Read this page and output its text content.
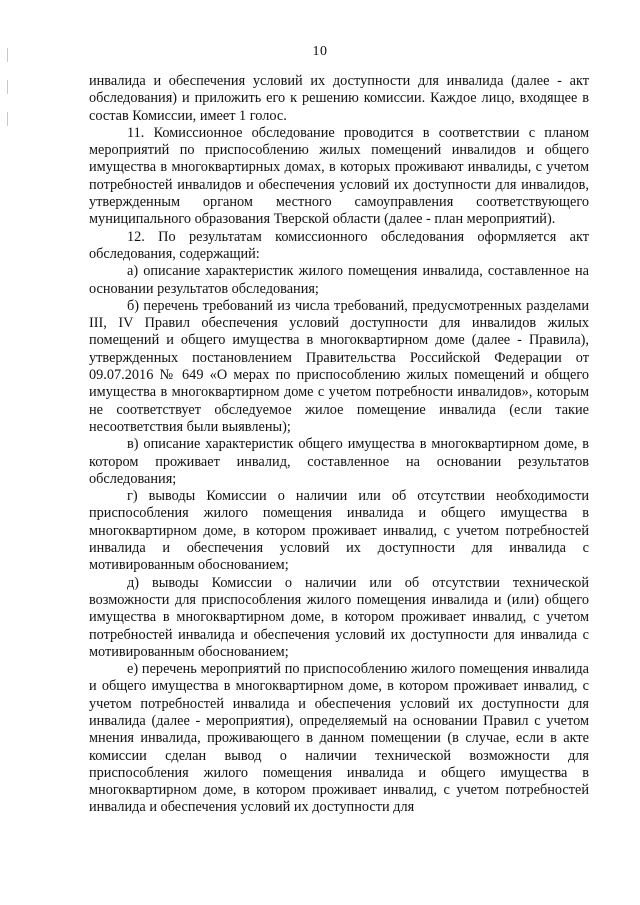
10

инвалида и обеспечения условий их доступности для инвалида (далее - акт обследования) и приложить его к решению комиссии. Каждое лицо, входящее в состав Комиссии, имеет 1 голос.

11. Комиссионное обследование проводится в соответствии с планом мероприятий по приспособлению жилых помещений инвалидов и общего имущества в многоквартирных домах, в которых проживают инвалиды, с учетом потребностей инвалидов и обеспечения условий их доступности для инвалидов, утвержденным органом местного самоуправления соответствующего муниципального образования Тверской области (далее - план мероприятий).

12. По результатам комиссионного обследования оформляется акт обследования, содержащий:

а) описание характеристик жилого помещения инвалида, составленное на основании результатов обследования;

б) перечень требований из числа требований, предусмотренных разделами III, IV Правил обеспечения условий доступности для инвалидов жилых помещений и общего имущества в многоквартирном доме (далее - Правила), утвержденных постановлением Правительства Российской Федерации от 09.07.2016 № 649 «О мерах по приспособлению жилых помещений и общего имущества в многоквартирном доме с учетом потребности инвалидов», которым не соответствует обследуемое жилое помещение инвалида (если такие несоответствия были выявлены);

в) описание характеристик общего имущества в многоквартирном доме, в котором проживает инвалид, составленное на основании результатов обследования;

г) выводы Комиссии о наличии или об отсутствии необходимости приспособления жилого помещения инвалида и общего имущества в многоквартирном доме, в котором проживает инвалид, с учетом потребностей инвалида и обеспечения условий их доступности для инвалида с мотивированным обоснованием;

д) выводы Комиссии о наличии или об отсутствии технической возможности для приспособления жилого помещения инвалида и (или) общего имущества в многоквартирном доме, в котором проживает инвалид, с учетом потребностей инвалида и обеспечения условий их доступности для инвалида с мотивированным обоснованием;

е) перечень мероприятий по приспособлению жилого помещения инвалида и общего имущества в многоквартирном доме, в котором проживает инвалид, с учетом потребностей инвалида и обеспечения условий их доступности для инвалида (далее - мероприятия), определяемый на основании Правил с учетом мнения инвалида, проживающего в данном помещении (в случае, если в акте комиссии сделан вывод о наличии технической возможности для приспособления жилого помещения инвалида и общего имущества в многоквартирном доме, в котором проживает инвалид, с учетом потребностей инвалида и обеспечения условий их доступности для
